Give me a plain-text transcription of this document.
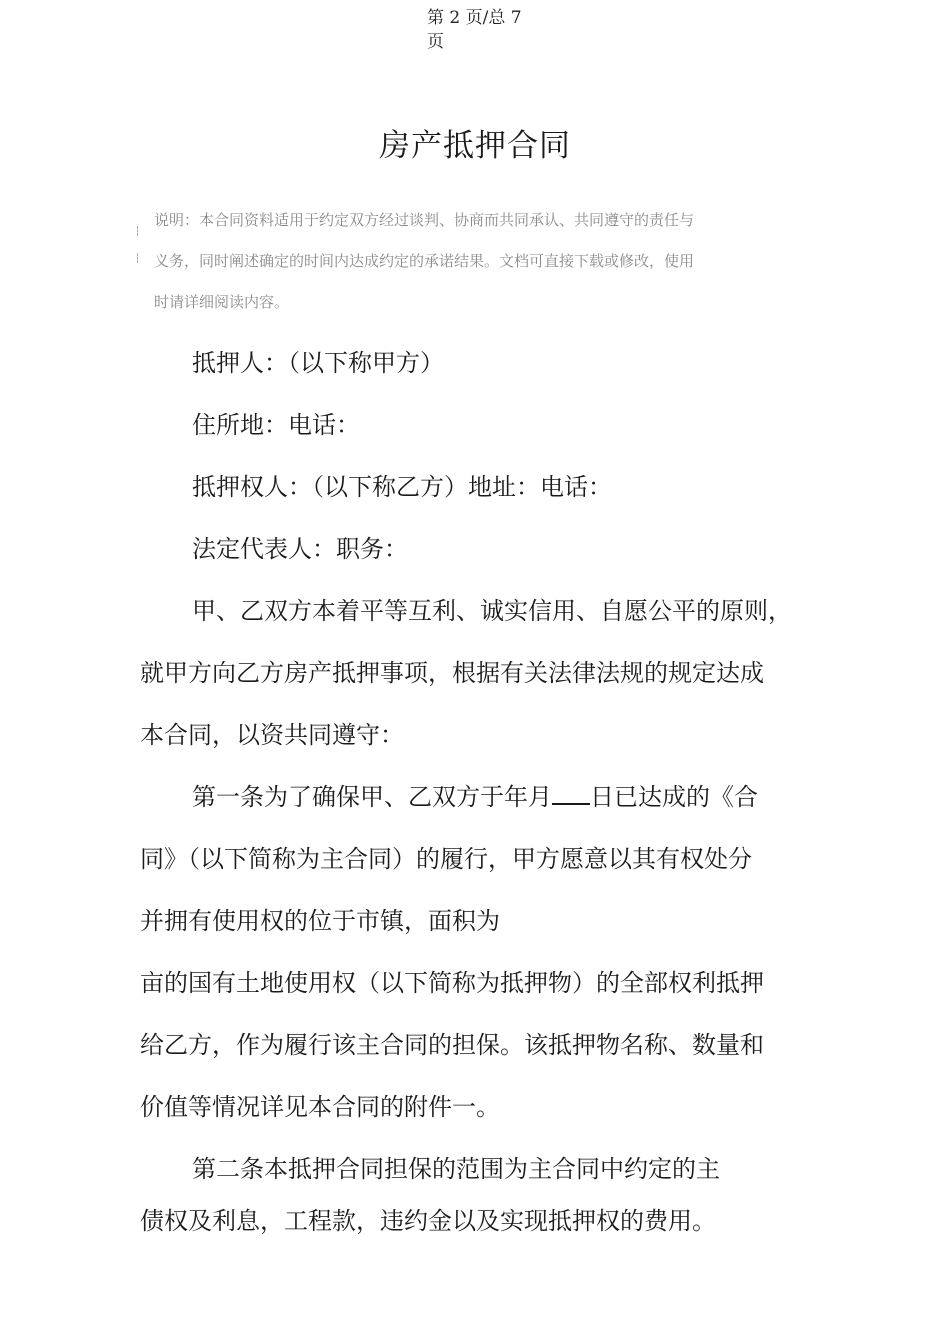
第 2 页/总 7
页
房产抵押合同
说明：本合同资料适用于约定双方经过谈判、协商而共同承认、共同遵守的责任与
义务，同时阐述确定的时间内达成约定的承诺结果。文档可直接下载或修改，使用
时请详细阅读内容。
抵押人：（以下称甲方）
住所地：电话：
抵押权人：（以下称乙方）地址：电话：
法定代表人：职务：
甲、乙双方本着平等互利、诚实信用、自愿公平的原则，
就甲方向乙方房产抵押事项，根据有关法律法规的规定达成
本合同，以资共同遵守：
第一条为了确保甲、乙双方于年月 日已达成的《合
同》（以下简称为主合同）的履行，甲方愿意以其有权处分
并拥有使用权的位于市镇，面积为
亩的国有土地使用权（以下简称为抵押物）的全部权利抵押
给乙方，作为履行该主合同的担保。该抵押物名称、数量和
价值等情况详见本合同的附件一。
第二条本抵押合同担保的范围为主合同中约定的主
债权及利息，工程款，违约金以及实现抵押权的费用。
